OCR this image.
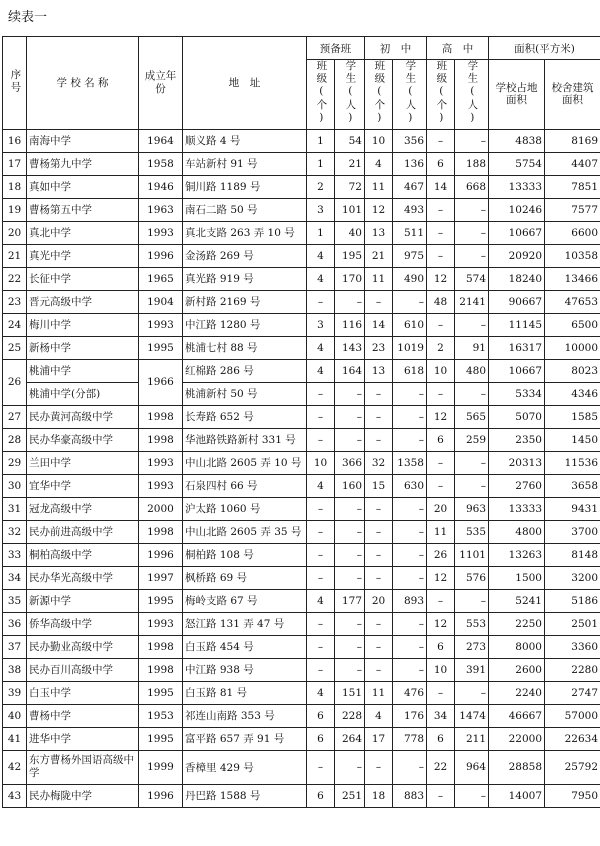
续表一
序号	学 校 名 称	成立年份	地　址	预备班		初　中		高　中		面积(平方米)	
				班级(个)	学生(人)	班级(个)	学生(人)	班级(个)	学生(人)	学校占地面积	校舍建筑面积
16	南海中学	1964	顺义路 4 号	1	54	10	356	–	–	4838	8169
17	曹杨第九中学	1958	车站新村 91 号	1	21	4	136	6	188	5754	4407
18	真如中学	1946	铜川路 1189 号	2	72	11	467	14	668	13333	7851
19	曹杨第五中学	1963	南石二路 50 号	3	101	12	493	–	–	10246	7577
20	真北中学	1993	真北支路 263 弄 10 号	1	40	13	511	–	–	10667	6600
21	真光中学	1996	金汤路 269 号	4	195	21	975	–	–	20920	10358
22	长征中学	1965	真光路 919 号	4	170	11	490	12	574	18240	13466
23	晋元高级中学	1904	新村路 2169 号	–	–	–	–	48	2141	90667	47653
24	梅川中学	1993	中江路 1280 号	3	116	14	610	–	–	11145	6500
25	新杨中学	1995	桃浦七村 88 号	4	143	23	1019	2	91	16317	10000
26	桃浦中学	1966	红棉路 286 号	4	164	13	618	10	480	10667	8023
	桃浦中学(分部)		桃浦新村 50 号	–	–	–	–	–	–	5334	4346
27	民办黄河高级中学	1998	长寿路 652 号	–	–	–	–	12	565	5070	1585
28	民办华豪高级中学	1998	华池路铁路新村 331 号	–	–	–	–	6	259	2350	1450
29	兰田中学	1993	中山北路 2605 弄 10 号	10	366	32	1358	–	–	20313	11536
30	宜华中学	1993	石泉四村 66 号	4	160	15	630	–	–	2760	3658
31	冠龙高级中学	2000	沪太路 1060 号	–	–	–	–	20	963	13333	9431
32	民办前进高级中学	1998	中山北路 2605 弄 35 号	–	–	–	–	11	535	4800	3700
33	桐柏高级中学	1996	桐柏路 108 号	–	–	–	–	26	1101	13263	8148
34	民办华光高级中学	1997	枫桥路 69 号	–	–	–	–	12	576	1500	3200
35	新源中学	1995	梅岭支路 67 号	4	177	20	893	–	–	5241	5186
36	侨华高级中学	1993	怒江路 131 弄 47 号	–	–	–	–	12	553	2250	2501
37	民办勤业高级中学	1998	白玉路 454 号	–	–	–	–	6	273	8000	3360
38	民办百川高级中学	1998	中江路 938 号	–	–	–	–	10	391	2600	2280
39	白玉中学	1995	白玉路 81 号	4	151	11	476	–	–	2240	2747
40	曹杨中学	1953	祁连山南路 353 号	6	228	4	176	34	1474	46667	57000
41	进华中学	1995	富平路 657 弄 91 号	6	264	17	778	6	211	22000	22634
42	东方曹杨外国语高级中学	1999	香樟里 429 号	–	–	–	–	22	964	28858	25792
43	民办梅陇中学	1996	丹巴路 1588 号	6	251	18	883	–	–	14007	7950
